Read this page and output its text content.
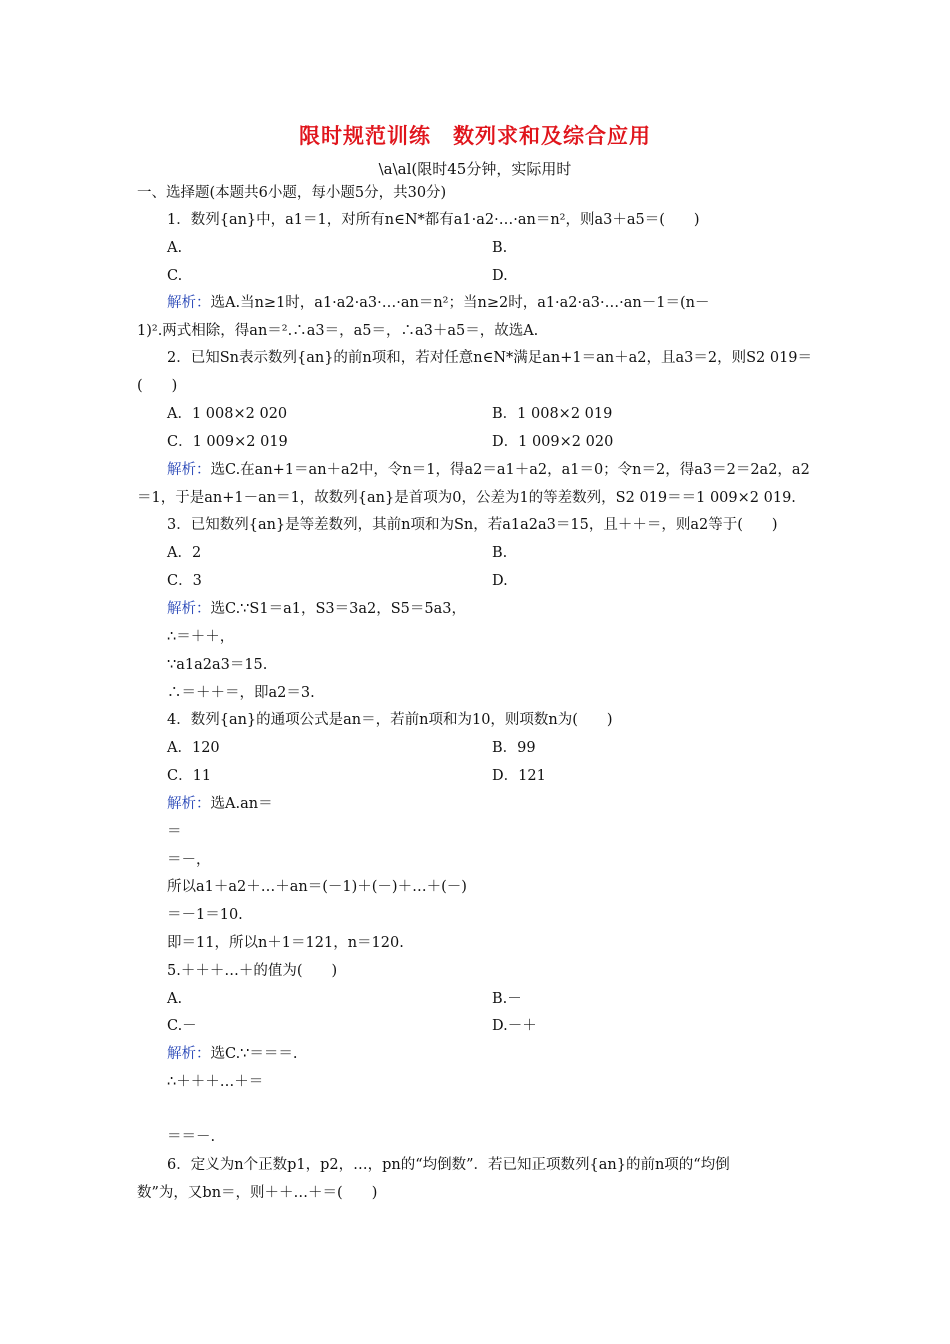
限时规范训练　数列求和及综合应用
\a\al(限时45分钟，实际用时
一、选择题(本题共6小题，每小题5分，共30分)
1．数列{an}中，a1＝1，对所有n∈N*都有a1·a2·…·an＝n²，则a3＋a5＝(　　)
A.	B.
C.	D.
解析：选A.当n≥1时，a1·a2·a3·…·an＝n²；当n≥2时，a1·a2·a3·…·an－1＝(n－
1)².两式相除，得an＝².∴a3＝，a5＝，∴a3＋a5＝，故选A.
2．已知Sn表示数列{an}的前n项和，若对任意n∈N*满足an+1＝an＋a2，且a3＝2，则S2 019＝
(　　)
A．1 008×2 020	B．1 008×2 019
C．1 009×2 019	D．1 009×2 020
解析：选C.在an+1＝an＋a2中，令n＝1，得a2＝a1＋a2，a1＝0；令n＝2，得a3＝2＝2a2，a2
＝1，于是an+1－an＝1，故数列{an}是首项为0，公差为1的等差数列，S2 019＝＝1 009×2 019.
3．已知数列{an}是等差数列，其前n项和为Sn，若a1a2a3＝15，且＋＋＝，则a2等于(　　)
A．2	B.
C．3	D.
解析：选C.∵S1＝a1，S3＝3a2，S5＝5a3，
∴＝＋＋，
∵a1a2a3＝15.
∴＝＋＋＝，即a2＝3.
4．数列{an}的通项公式是an＝，若前n项和为10，则项数n为(　　)
A．120	B．99
C．11	D．121
解析：选A.an＝
＝
＝－，
所以a1＋a2＋…＋an＝(－1)＋(－)＋…＋(－)
＝－1＝10.
即＝11，所以n＋1＝121，n＝120.
5.＋＋＋…＋的值为(　　)
A.	B.－
C.－	D.－＋
解析：选C.∵＝＝＝.
∴＋＋＋…＋＝
＝＝－.
6．定义为n个正数p1，p2，…，pn的“均倒数”．若已知正项数列{an}的前n项的“均倒
数”为，又bn＝，则＋＋…＋＝(　　)
